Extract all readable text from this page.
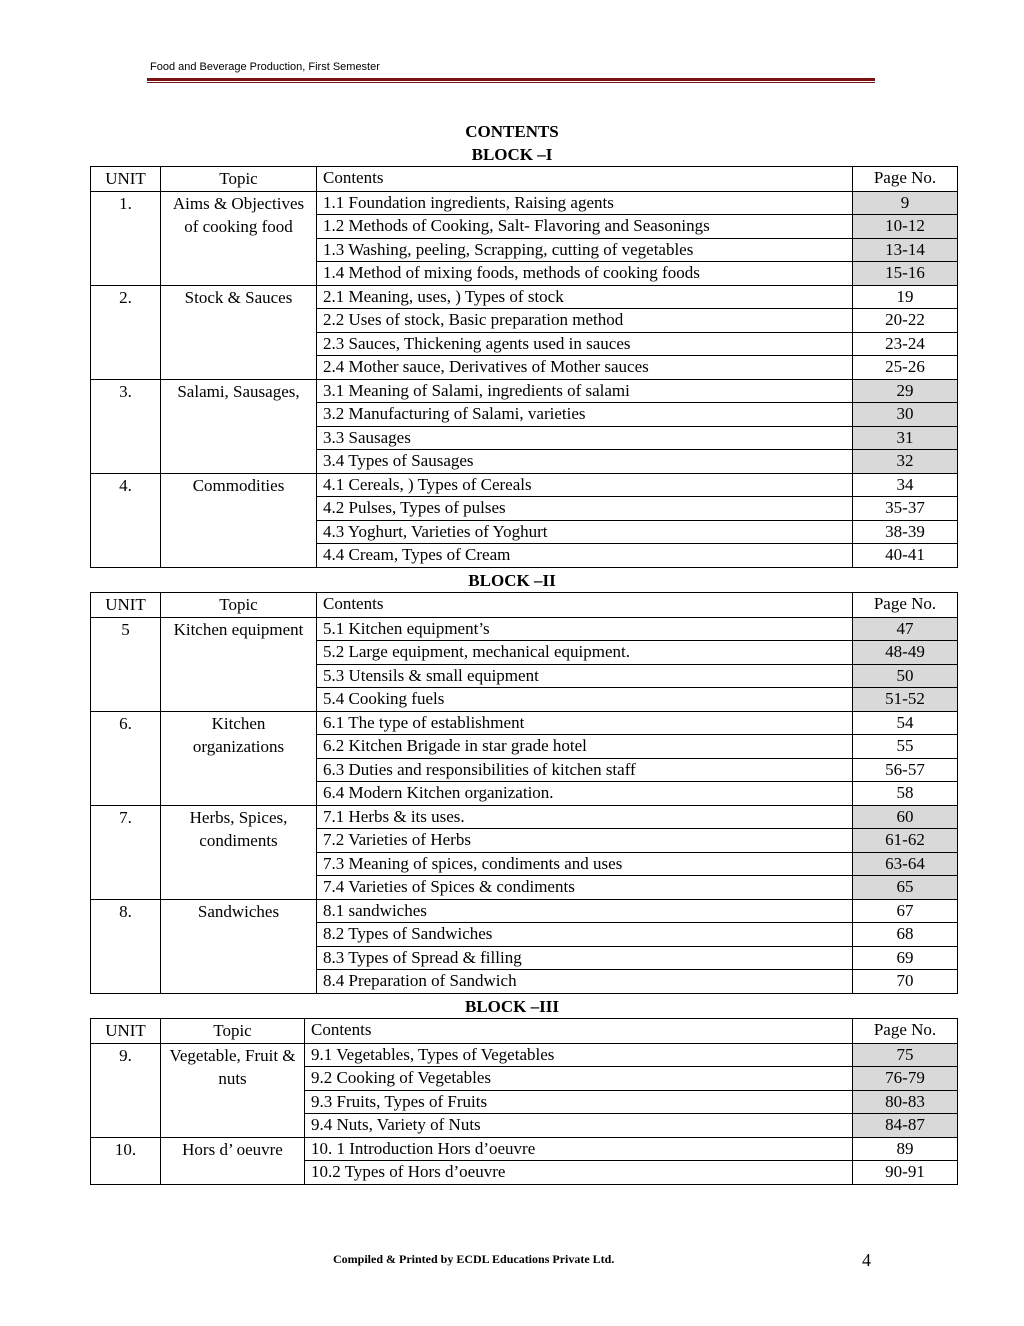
Food and Beverage Production, First Semester
CONTENTS
BLOCK –I
UNIT	Topic	Contents	Page No.
1.	Aims & Objectives of cooking food	1.1 Foundation ingredients, Raising agents	9
		1.2 Methods of Cooking, Salt- Flavoring and Seasonings	10-12
		1.3 Washing, peeling, Scrapping, cutting of vegetables	13-14
		1.4 Method of mixing foods, methods of cooking foods	15-16
2.	Stock & Sauces	2.1 Meaning, uses, ) Types of stock	19
		2.2 Uses of stock, Basic preparation method	20-22
		2.3 Sauces, Thickening agents used in sauces	23-24
		2.4 Mother sauce, Derivatives of Mother sauces	25-26
3.	Salami, Sausages,	3.1 Meaning of Salami, ingredients of salami	29
		3.2 Manufacturing of Salami, varieties	30
		3.3 Sausages	31
		3.4 Types of Sausages	32
4.	Commodities	4.1 Cereals, ) Types of Cereals	34
		4.2 Pulses, Types of pulses	35-37
		4.3 Yoghurt, Varieties of Yoghurt	38-39
		4.4 Cream, Types of Cream	40-41
BLOCK –II
UNIT	Topic	Contents	Page No.
5	Kitchen equipment	5.1 Kitchen equipment’s	47
		5.2 Large equipment, mechanical equipment.	48-49
		5.3 Utensils & small equipment	50
		5.4 Cooking fuels	51-52
6.	Kitchen organizations	6.1 The type of establishment	54
		6.2 Kitchen Brigade in star grade hotel	55
		6.3 Duties and responsibilities of kitchen staff	56-57
		6.4 Modern Kitchen organization.	58
7.	Herbs, Spices, condiments	7.1 Herbs & its uses.	60
		7.2 Varieties of Herbs	61-62
		7.3 Meaning of spices, condiments and uses	63-64
		7.4 Varieties of Spices & condiments	65
8.	Sandwiches	8.1 sandwiches	67
		8.2 Types of Sandwiches	68
		8.3 Types of Spread & filling	69
		8.4 Preparation of Sandwich	70
BLOCK –III
UNIT	Topic	Contents	Page No.
9.	Vegetable, Fruit & nuts	9.1 Vegetables, Types of Vegetables	75
		9.2 Cooking of Vegetables	76-79
		9.3 Fruits, Types of Fruits	80-83
		9.4 Nuts, Variety of Nuts	84-87
10.	Hors d’ oeuvre	10. 1 Introduction Hors d’oeuvre	89
		10.2 Types of Hors d’oeuvre	90-91
Compiled & Printed by ECDL Educations Private Ltd.	4
